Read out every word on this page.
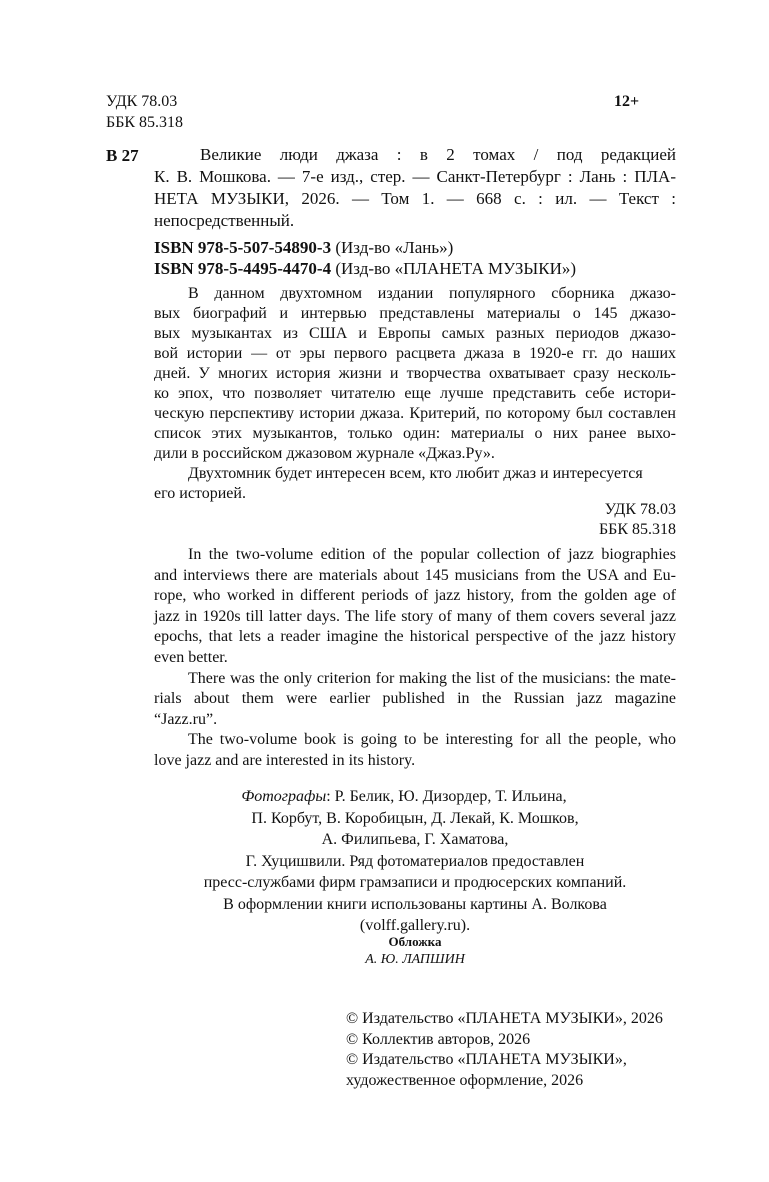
УДК 78.03
ББК 85.318
12+
В 27	Великие люди джаза : в 2 томах / под редакцией
К. В. Мошкова. — 7-е изд., стер. — Санкт-Петербург : Лань : ПЛА-
НЕТА МУЗЫКИ, 2026. — Том 1. — 668 с. : ил. — Текст :
непосредственный.
ISBN 978-5-507-54890-3 (Изд-во «Лань»)
ISBN 978-5-4495-4470-4 (Изд-во «ПЛАНЕТА МУЗЫКИ»)
В данном двухтомном издании популярного сборника джазо-
вых биографий и интервью представлены материалы о 145 джазо-
вых музыкантах из США и Европы самых разных периодов джазо-
вой истории — от эры первого расцвета джаза в 1920-е гг. до наших
дней. У многих история жизни и творчества охватывает сразу несколь-
ко эпох, что позволяет читателю еще лучше представить себе истори-
ческую перспективу истории джаза. Критерий, по которому был составлен
список этих музыкантов, только один: материалы о них ранее выхо-
дили в российском джазовом журнале «Джаз.Ру».
Двухтомник будет интересен всем, кто любит джаз и интересуется
его историей.
УДК 78.03
ББК 85.318
In the two-volume edition of the popular collection of jazz biographies
and interviews there are materials about 145 musicians from the USA and Eu-
rope, who worked in different periods of jazz history, from the golden age of
jazz in 1920s till latter days. The life story of many of them covers several jazz
epochs, that lets a reader imagine the historical perspective of the jazz history
even better.
There was the only criterion for making the list of the musicians: the mate-
rials about them were earlier published in the Russian jazz magazine
“Jazz.ru”.
The two-volume book is going to be interesting for all the people, who
love jazz and are interested in its history.
Фотографы: Р. Белик, Ю. Дизордер, Т. Ильина,
П. Корбут, В. Коробицын, Д. Лекай, К. Мошков,
А. Филипьева, Г. Хаматова,
Г. Хуцишвили. Ряд фотоматериалов предоставлен
пресс-службами фирм грамзаписи и продюсерских компаний.
В оформлении книги использованы картины А. Волкова
(volff.gallery.ru).
Обложка
А. Ю. ЛАПШИН
© Издательство «ПЛАНЕТА МУЗЫКИ», 2026
© Коллектив авторов, 2026
© Издательство «ПЛАНЕТА МУЗЫКИ»,
художественное оформление, 2026
